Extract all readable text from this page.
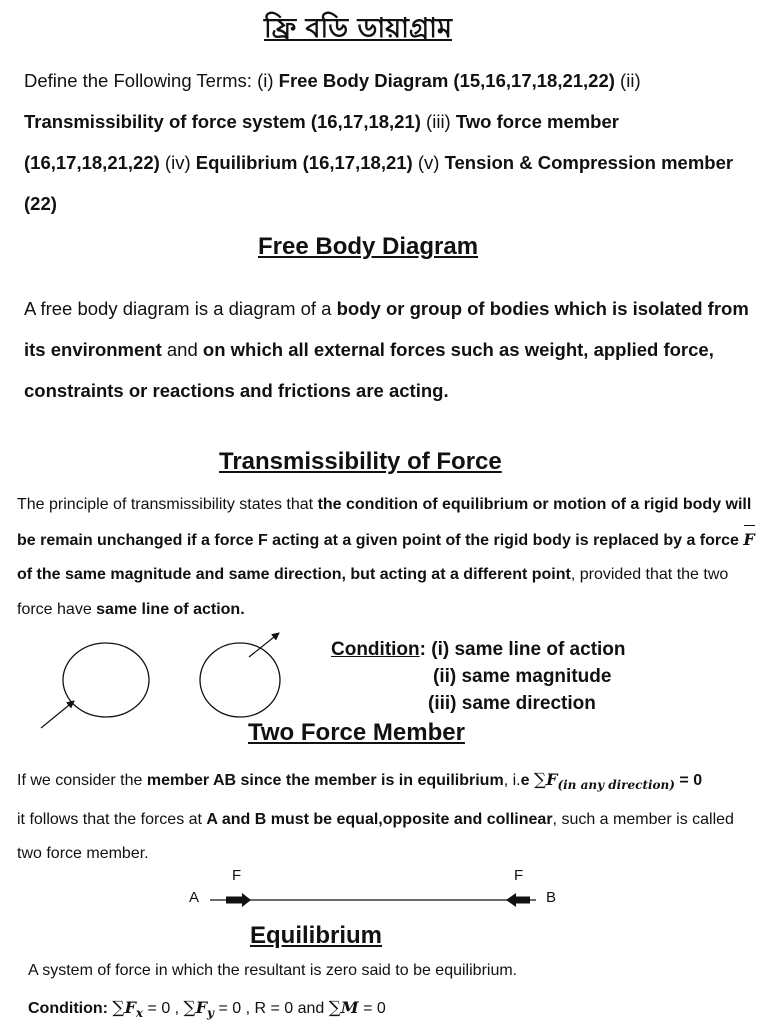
ফ্রি বডি ডায়াগ্রাম
Define the Following Terms: (i) Free Body Diagram (15,16,17,18,21,22) (ii) Transmissibility of force system (16,17,18,21) (iii) Two force member (16,17,18,21,22) (iv) Equilibrium (16,17,18,21) (v) Tension & Compression member (22)
Free Body Diagram
A free body diagram is a diagram of a body or group of bodies which is isolated from its environment and on which all external forces such as weight, applied force, constraints or reactions and frictions are acting.
Transmissibility of Force
The principle of transmissibility states that the condition of equilibrium or motion of a rigid body will be remain unchanged if a force F acting at a given point of the rigid body is replaced by a force F of the same magnitude and same direction, but acting at a different point, provided that the two force have same line of action.
Condition: (i) same line of action
(ii) same magnitude
(iii) same direction
Two Force Member
If we consider the member AB since the member is in equilibrium, i.e $\sum F_{(in any direction)} = 0$
it follows that the forces at A and B must be equal,opposite and collinear, such a member is called two force member.
A	B
F	F
Equilibrium
A system of force in which the resultant is zero said to be equilibrium.
Condition: $\sum F_x = 0$ , $\sum F_y = 0$ , R = 0 and ∑M = 0
